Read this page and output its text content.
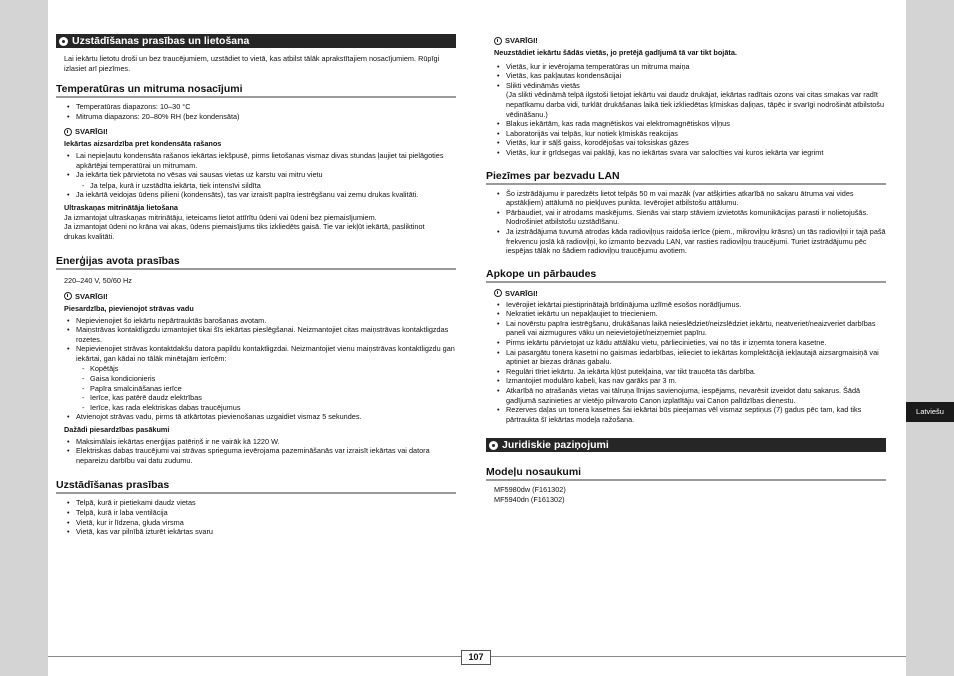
Uzstādīšanas prasības un lietošana

Lai iekārtu lietotu droši un bez traucējumiem, uzstādiet to vietā, kas atbilst tālāk aprakstītajiem nosacījumiem. Rūpīgi izlasiet arī piezīmes.

Temperatūras un mitruma nosacījumi
• Temperatūras diapazons: 10–30 °C
• Mitruma diapazons: 20–80% RH (bez kondensāta)
SVARĪGI!
Iekārtas aizsardzība pret kondensāta rašanos
• Lai nepieļautu kondensāta rašanos iekārtas iekšpusē, pirms lietošanas vismaz divas stundas ļaujiet tai pielāgoties apkārtējai temperatūrai un mitrumam.
• Ja iekārta tiek pārvietota no vēsas vai sausas vietas uz karstu vai mitru vietu
- Ja telpa, kurā ir uzstādīta iekārta, tiek intensīvi sildīta
• Ja iekārtā veidojas ūdens pilieni (kondensāts), tas var izraisīt papīra iestrēgšanu vai zemu drukas kvalitāti.
Ultraskaņas mitrinātāja lietošana

Ja izmantojat ultraskaņas mitrinātāju, ieteicams lietot attīrītu ūdeni vai ūdeni bez piemaisījumiem.

Ja izmantojat ūdeni no krāna vai akas, ūdens piemaisījums tiks izkliedēts gaisā. Tie var iekļūt iekārtā, pasliktinot drukas kvalitāti.

Enerģijas avota prasības

220–240 V, 50/60 Hz

SVARĪGI!
Piesardzība, pievienojot strāvas vadu
• Nepievienojiet šo iekārtu nepārtrauktās barošanas avotam.
• Maiņstrāvas kontaktligzdu izmantojiet tikai šīs iekārtas pieslēgšanai. Neizmantojiet citas maiņstrāvas kontaktligzdas rozetes.
• Nepievienojiet strāvas kontaktdakšu datora papildu kontaktligzdai. Neizmantojiet vienu maiņstrāvas kontaktligzdu gan iekārtai, gan kādai no tālāk minētajām ierīcēm:
- Kopētājs
- Gaisa kondicionieris
- Papīra smalcināšanas ierīce
- Ierīce, kas patērē daudz elektrības
- Ierīce, kas rada elektriskas dabas traucējumus
• Atvienojot strāvas vadu, pirms tā atkārtotas pievienošanas uzgaidiet vismaz 5 sekundes.
Dažādi piesardzības pasākumi
• Maksimālais iekārtas enerģijas patēriņš ir ne vairāk kā 1220 W.
• Elektriskas dabas traucējumi vai strāvas sprieguma ievērojama pazemināšanās var izraisīt iekārtas vai datora nepareizu darbību vai datu zudumu.
Uzstādīšanas prasības
• Telpā, kurā ir pietiekami daudz vietas
• Telpā, kurā ir laba ventilācija
• Vietā, kur ir līdzena, gluda virsma
• Vietā, kas var pilnībā izturēt iekārtas svaru
SVARĪGI!
Neuzstādiet iekārtu šādās vietās, jo pretējā gadījumā tā var tikt bojāta.
• Vietās, kur ir ievērojama temperatūras un mitruma maiņa
• Vietās, kas pakļautas kondensācijai
• Slikti vēdināmās vietās
(Ja slikti vēdināmā telpā ilgstoši lietojat iekārtu vai daudz drukājat, iekārtas radītais ozons vai citas smakas var radīt nepatīkamu darba vidi, turklāt drukāšanas laikā tiek izkliedētas ķīmiskas daļiņas, tāpēc ir svarīgi nodrošināt atbilstošu vēdināšanu.)
• Blakus iekārtām, kas rada magnētiskos vai elektromagnētiskos viļņus
• Laboratorijās vai telpās, kur notiek ķīmiskās reakcijas
• Vietās, kur ir sāļš gaiss, korodējošas vai toksiskas gāzes
• Vietās, kur ir grīdsegas vai paklāji, kas no iekārtas svara var salocīties vai kuros iekārta var iegrimt
Piezīmes par bezvadu LAN
• Šo izstrādājumu ir paredzēts lietot telpās 50 m vai mazāk (var atšķirties atkarībā no sakaru ātruma vai vides apstākļiem) attālumā no piekļuves punkta. Ievērojiet atbilstošu attālumu.
• Pārbaudiet, vai ir atrodams maskējums. Sienās vai starp stāviem izvietotās komunikācijas parasti ir nolietojušās. Nodrošiniet atbilstošu uzstādīšanu.
• Ja izstrādājuma tuvumā atrodas kāda radioviļņus raidoša ierīce (piem., mikroviļņu krāsns) un tās radioviļņi ir tajā pašā frekvencu joslā kā radioviļņi, ko izmanto bezvadu LAN, var rasties radioviļņu traucējumi. Turiet izstrādājumu pēc iespējas tālāk no šādiem radioviļņu traucējumu avotiem.
Apkope un pārbaudes
SVARĪGI!
• Ievērojiet iekārtai piestiprinātajā brīdinājuma uzlīmē esošos norādījumus.
• Nekratiet iekārtu un nepakļaujiet to triecieniem.
• Lai novērstu papīra iestrēgšanu, drukāšanas laikā neieslēdziet/neizslēdziet iekārtu, neatveriet/neaizveriet darbības paneli vai aizmugures vāku un neievietojiet/neizņemiet papīru.
• Pirms iekārtu pārvietojat uz kādu attālāku vietu, pārliecinieties, vai no tās ir izņemta tonera kasetne.
• Lai pasargātu tonera kasetni no gaismas iedarbības, ielieciet to iekārtas komplektācijā iekļautajā aizsargmaisiņā vai aptiniet ar biezas drānas gabalu.
• Regulāri tīriet iekārtu. Ja iekārta kļūst putekļaina, var tikt traucēta tās darbība.
• Izmantojiet modulāro kabeli, kas nav garāks par 3 m.
• Atkarībā no atrašanās vietas vai tālruņa līnijas savienojuma, iespējams, nevarēsit izveidot datu sakarus. Šādā gadījumā sazinieties ar vietējo pilnvaroto Canon izplatītāju vai Canon palīdzības dienestu.
• Rezerves daļas un tonera kasetnes šai iekārtai būs pieejamas vēl vismaz septiņus (7) gadus pēc tam, kad tiks pārtraukta šī iekārtas modeļa ražošana.
Juridiskie paziņojumi
Modeļu nosaukumi

MF5980dw (F161302)

MF5940dn (F161302)

107
Latviešu
